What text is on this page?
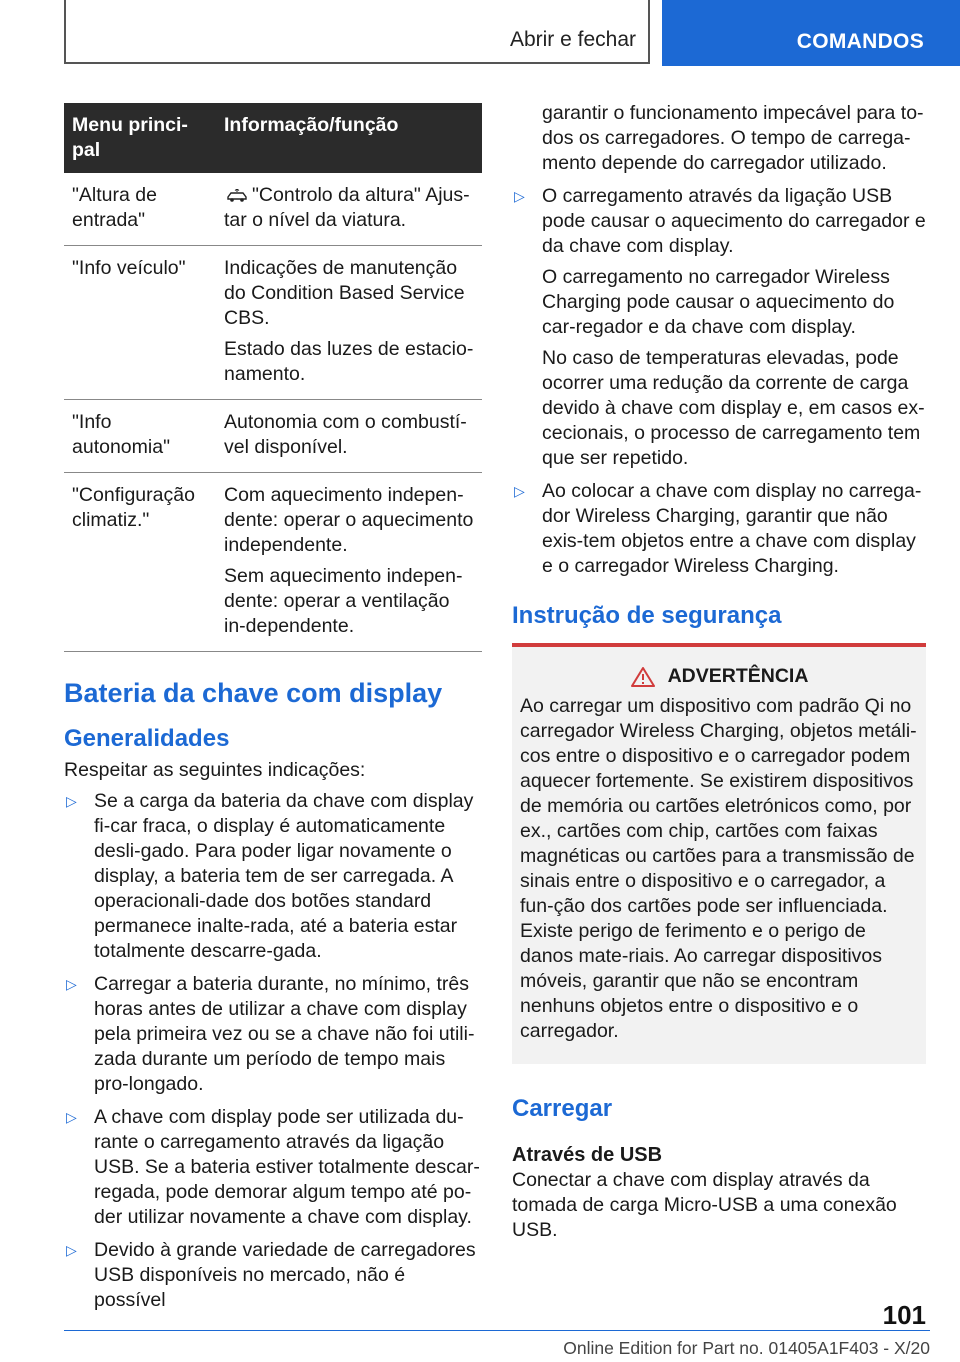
Abrir e fechar	COMANDOS
Menu princi-pal	Informação/função
"Altura de entrada"	"Controlo da altura" Ajus-tar o nível da viatura.

"Info veículo"	Indicações de manutenção do Condition Based Service CBS.

Estado das luzes de estacio-namento.

"Info autonomia"	Autonomia com o combustí-vel disponível.

"Configuração climatiz."	Com aquecimento indepen-dente: operar o aquecimento independente.

Sem aquecimento indepen-dente: operar a ventilação in-dependente.

Bateria da chave com display
Generalidades

Respeitar as seguintes indicações:

▷ Se a carga da bateria da chave com display fi-car fraca, o display é automaticamente desli-gado. Para poder ligar novamente o display, a bateria tem de ser carregada. A operacionali-dade dos botões standard permanece inalte-rada, até a bateria estar totalmente descarre-gada.
▷ Carregar a bateria durante, no mínimo, três horas antes de utilizar a chave com display pela primeira vez ou se a chave não foi utili-zada durante um período de tempo mais pro-longado.
▷ A chave com display pode ser utilizada du-rante o carregamento através da ligação USB. Se a bateria estiver totalmente descar-regada, pode demorar algum tempo até po-der utilizar novamente a chave com display.
▷ Devido à grande variedade de carregadores USB disponíveis no mercado, não é possível

garantir o funcionamento impecável para to-dos os carregadores. O tempo de carrega-mento depende do carregador utilizado.

▷ O carregamento através da ligação USB pode causar o aquecimento do carregador e da chave com display.

O carregamento no carregador Wireless Charging pode causar o aquecimento do car-regador e da chave com display.

No caso de temperaturas elevadas, pode ocorrer uma redução da corrente de carga devido à chave com display e, em casos ex-cecionais, o processo de carregamento tem que ser repetido.

▷ Ao colocar a chave com display no carrega-dor Wireless Charging, garantir que não exis-tem objetos entre a chave com display e o carregador Wireless Charging.

Instrução de segurança
ADVERTÊNCIA

Ao carregar um dispositivo com padrão Qi no carregador Wireless Charging, objetos metáli-cos entre o dispositivo e o carregador podem aquecer fortemente. Se existirem dispositivos de memória ou cartões eletrónicos como, por ex., cartões com chip, cartões com faixas magnéticas ou cartões para a transmissão de sinais entre o dispositivo e o carregador, a fun-ção dos cartões pode ser influenciada. Existe perigo de ferimento e o perigo de danos mate-riais. Ao carregar dispositivos móveis, garantir que não se encontram nenhuns objetos entre o dispositivo e o carregador.

Carregar
Através de USB

Conectar a chave com display através da tomada de carga Micro-USB a uma conexão USB.

101
Online Edition for Part no. 01405A1F403 - X/20
